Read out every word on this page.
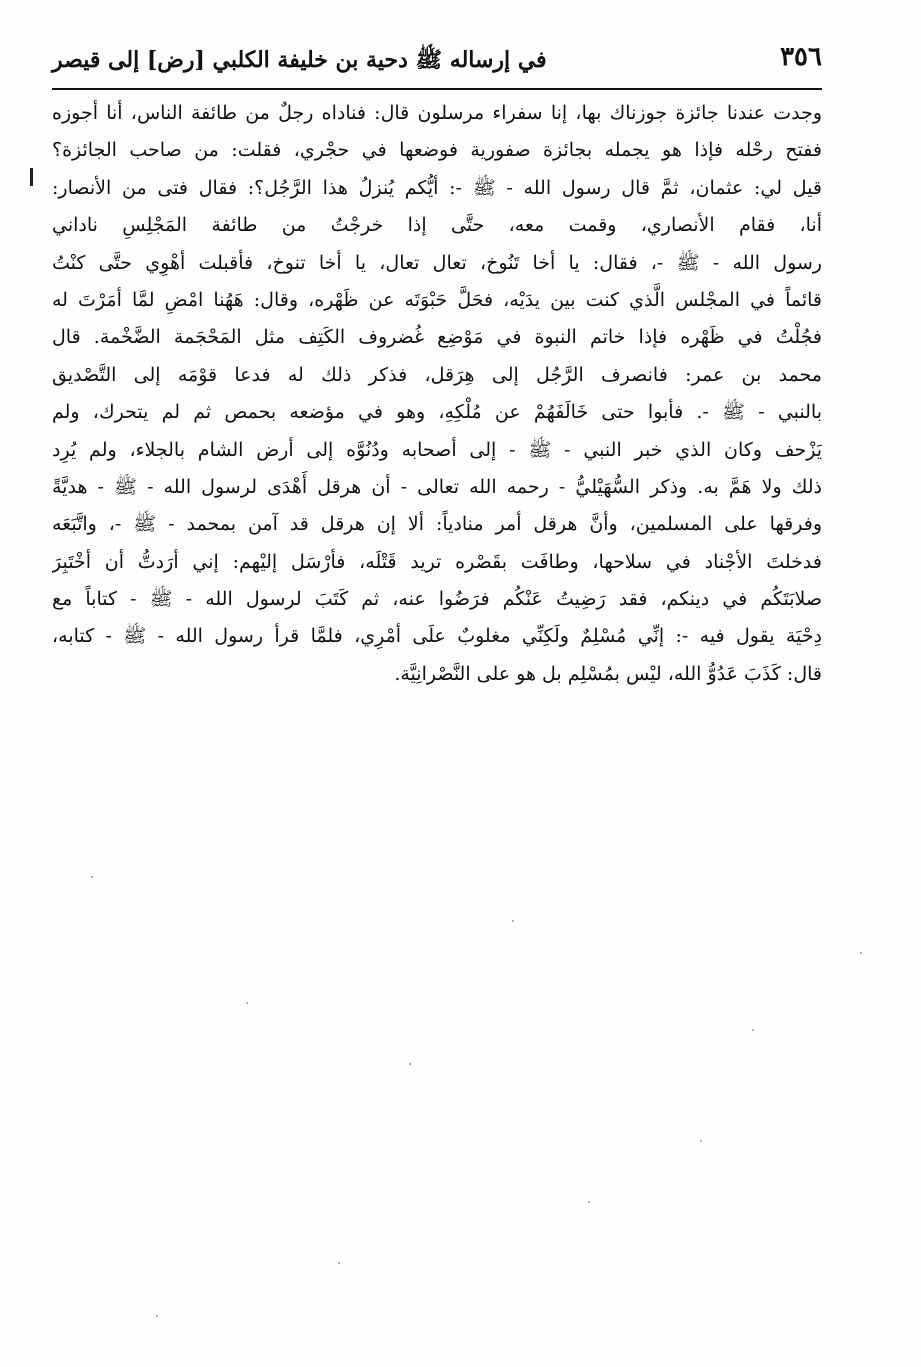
٣٥٦
في إرساله ﷺ دحية بن خليفة الكلبي [رض] إلى قيصر
وجدت عندنا جائزة جوزناك بها، إنا سفراء مرسلون قال: فناداه رجلٌ من طائفة الناس، أنا أجوزه
ففتح رحْله فإذا هو يجمله بجائزة صفورية فوضعها في حجْري، فقلت: من صاحب الجائزة؟
قيل لي: عثمان، ثمَّ قال رسول الله - ﷺ -: أيُّكم يُنزلُ هذا الرَّجُل؟: فقال فتى من الأنصار:
أنا، فقام الأنصاري، وقمت معه، حتَّى إذا خرجْتُ من طائفة المَجْلِسِ ناداني
رسول الله - ﷺ -، فقال: يا أخا تَنُوخ، تعال تعال، يا أخا تنوخ، فأقبلت أهْوِي حتَّى كنْتُ
قائماً في المجْلس الَّذي كنت بين يدَيْه، فحَلَّ حَبْوَتَه عن ظَهْره، وقال: هَهُنا امْضِ لمَّا أمَرْتَ له
فجُلْتُ في ظَهْره فإذا خاتم النبوة في مَوْضِع غُضروف الكَتِف مثل المَحْجَمة الضَّخْمة. قال
محمد بن عمر: فانصرف الرَّجُل إلى هِرَقل، فذكر ذلك له فدعا قوْمَه إلى التَّصْديق
بالنبي - ﷺ -. فأبوا حتى خَالَفَهُمْ عن مُلْكِهِ، وهو في مؤضعه بحمص ثم لم يتحرك، ولم
يَزْحف وكان الذي خبر النبي - ﷺ - إلى أصحابه ودُنُوَّه إلى أرض الشام بالجلاء، ولم يُرِد
ذلك ولا هَمَّ به. وذكر السُّهَيْليُّ - رحمه الله تعالى - أن هرقل أَهْدَى لرسول الله - ﷺ - هديَّةً
وفرقها على المسلمين، وأنَّ هرقل أمر منادياً: ألا إن هرقل قد آمن بمحمد - ﷺ -، واتَّبَعَه
فدخلتَ الأجْناد في سلاحها، وطافَت بقَصْره تريد قَتْلَه، فأرْسَل إليْهم: إني أرَدتُّ أن أخْتَبِرَ
صلابَتَكُم في دينكم، فقد رَضِيتُ عَنْكُم فرَضُوا عنه، ثم كَتَبَ لرسول الله - ﷺ - كتاباً مع
دِحْيَة يقول فيه -: إنِّي مُسْلِمٌ ولَكِنِّي مغلوبٌ علَى أمْرِي، فلمَّا قرأ رسول الله - ﷺ - كتابه،
قال: كَذَبَ عَدُوُّ الله، ليْس بمُسْلِم بل هو على النَّصْرانِيَّة.
